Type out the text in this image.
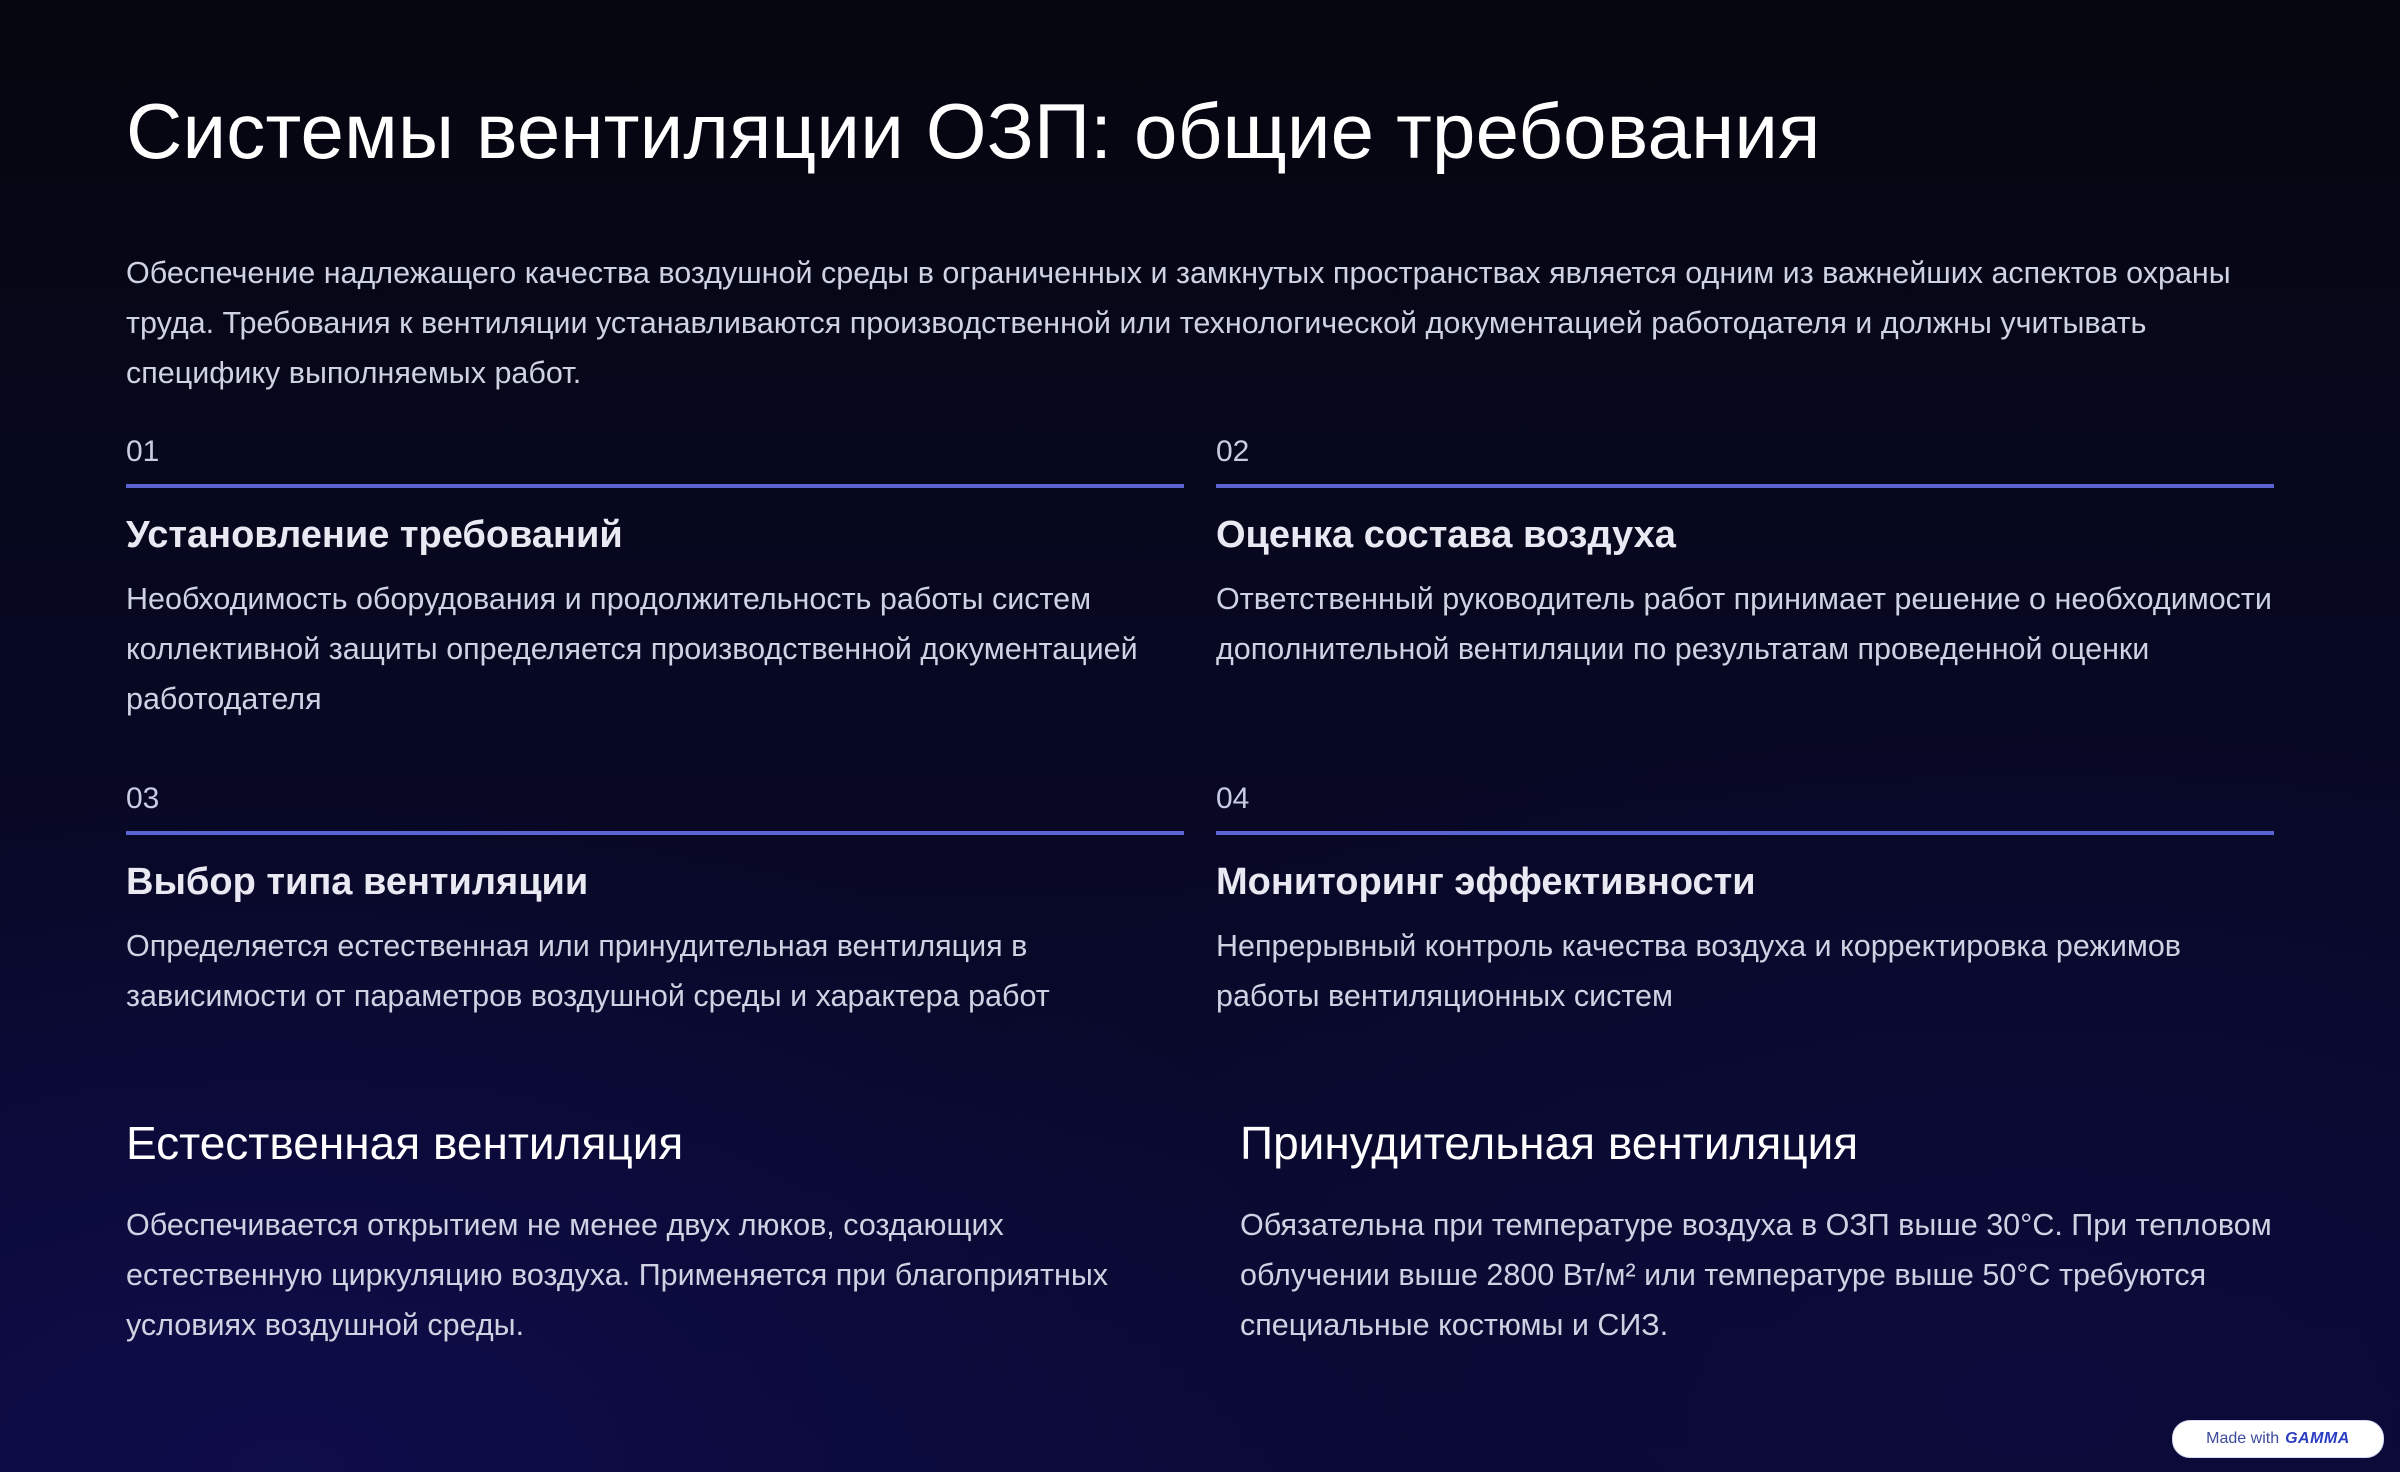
Системы вентиляции ОЗП: общие требования

Обеспечение надлежащего качества воздушной среды в ограниченных и замкнутых пространствах является одним из важнейших аспектов охраны труда. Требования к вентиляции устанавливаются производственной или технологической документацией работодателя и должны учитывать специфику выполняемых работ.

01
Установление требований
Необходимость оборудования и продолжительность работы систем коллективной защиты определяется производственной документацией работодателя
02
Оценка состава воздуха
Ответственный руководитель работ принимает решение о необходимости дополнительной вентиляции по результатам проведенной оценки
03
Выбор типа вентиляции
Определяется естественная или принудительная вентиляция в зависимости от параметров воздушной среды и характера работ
04
Мониторинг эффективности
Непрерывный контроль качества воздуха и корректировка режимов работы вентиляционных систем
Естественная вентиляция
Обеспечивается открытием не менее двух люков, создающих естественную циркуляцию воздуха. Применяется при благоприятных условиях воздушной среды.
Принудительная вентиляция
Обязательна при температуре воздуха в ОЗП выше 30°C. При тепловом облучении выше 2800 Вт/м² или температуре выше 50°C требуются специальные костюмы и СИЗ.
Made with GAMMA
